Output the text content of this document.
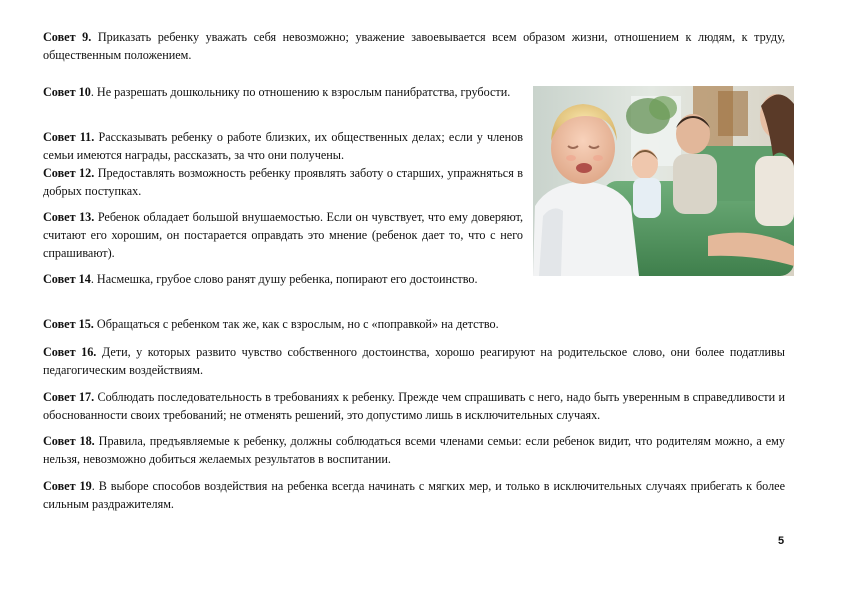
Совет 9. Приказать ребенку уважать себя невозможно; уважение завоевывается всем образом жизни, отношением к людям, к труду, общественным положением.

Совет 10. Не разрешать дошкольнику по отношению к взрослым панибратства, грубости.

Совет 11. Рассказывать ребенку о работе близких, их общественных делах; если у членов семьи имеются награды, рассказать, за что они получены.

Совет 12. Предоставлять возможность ребенку проявлять заботу о старших, упражняться в добрых поступках.

Совет 13. Ребенок обладает большой внушаемостью. Если он чувствует, что ему доверяют, считают его хорошим, он постарается оправдать это мнение (ребенок дает то, что с него спрашивают).

Совет 14. Насмешка, грубое слово ранят душу ребенка, попирают его достоинство.

Совет 15. Обращаться с ребенком так же, как с взрослым, но с «поправкой» на детство.

Совет 16. Дети, у которых развито чувство собственного достоинства, хорошо реагируют на родительское слово, они более податливы педагогическим воздействиям.

Совет 17. Соблюдать последовательность в требованиях к ребенку. Прежде чем спрашивать с него, надо быть уверенным в справедливости и обоснованности своих требований; не отменять решений, это допустимо лишь в исключительных случаях.

Совет 18. Правила, предъявляемые к ребенку, должны соблюдаться всеми членами семьи: если ребенок видит, что родителям можно, а ему нельзя, невозможно добиться желаемых результатов в воспитании.

Совет 19. В выборе способов воздействия на ребенка всегда начинать с мягких мер, и только в исключительных случаях прибегать к более сильным раздражителям.

5
